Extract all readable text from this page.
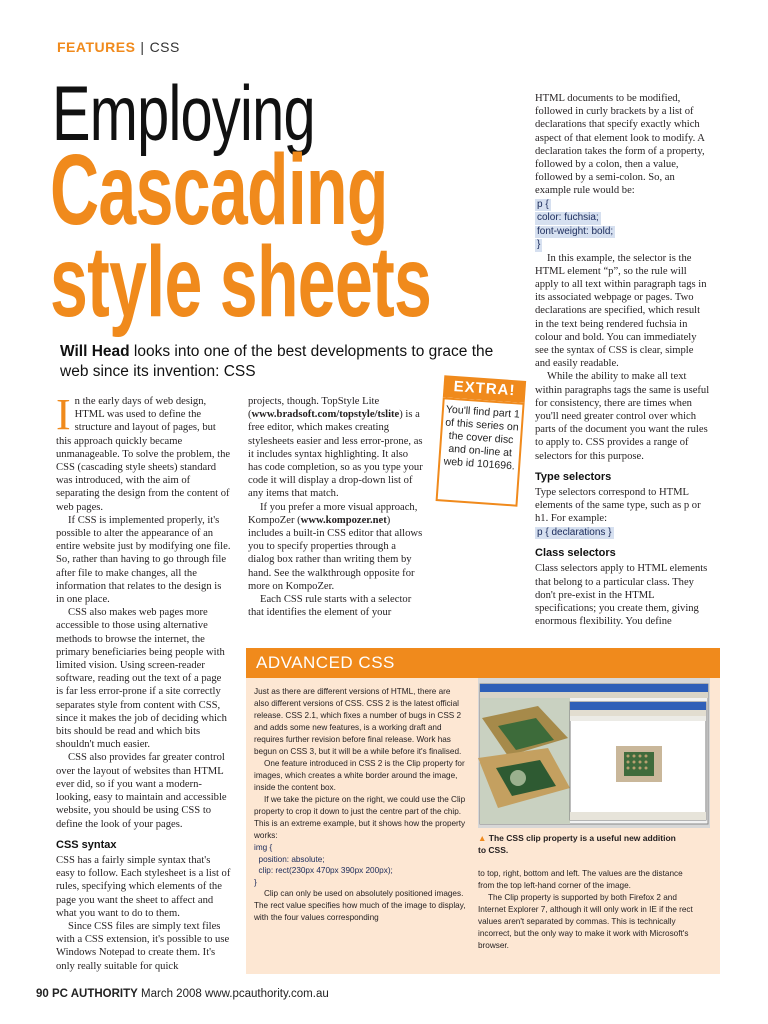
FEATURES | CSS
Employing
Cascading
style sheets
Will Head looks into one of the best developments to grace the web since its invention: CSS

In the early days of web design, HTML was used to define the structure and layout of pages, but this approach quickly became unmanageable. To solve the problem, the CSS (cascading style sheets) standard was introduced, with the aim of separating the design from the content of web pages.

If CSS is implemented properly, it's possible to alter the appearance of an entire website just by modifying one file. So, rather than having to go through file after file to make changes, all the information that relates to the design is in one place.

CSS also makes web pages more accessible to those using alternative methods to browse the internet, the primary beneficiaries being people with limited vision. Using screen-reader software, reading out the text of a page is far less error-prone if a site correctly separates style from content with CSS, since it makes the job of deciding which bits should be read and which bits shouldn't much easier.

CSS also provides far greater control over the layout of websites than HTML ever did, so if you want a modern-looking, easy to maintain and accessible website, you should be using CSS to define the look of your pages.

CSS syntax

CSS has a fairly simple syntax that's easy to follow. Each stylesheet is a list of rules, specifying which elements of the page you want the sheet to affect and what you want to do to them.

Since CSS files are simply text files with a CSS extension, it's possible to use Windows Notepad to create them. It's only really suitable for quick

projects, though. TopStyle Lite (www.bradsoft.com/topstyle/tslite) is a free editor, which makes creating stylesheets easier and less error-prone, as it includes syntax highlighting. It also has code completion, so as you type your code it will display a drop-down list of any items that match.

If you prefer a more visual approach, KompoZer (www.kompozer.net) includes a built-in CSS editor that allows you to specify properties through a dialog box rather than writing them by hand. See the walkthrough opposite for more on KompoZer.

Each CSS rule starts with a selector that identifies the element of your

EXTRA!
You'll find part 1 of this series on the cover disc and on-line at web id 101696.

HTML documents to be modified, followed in curly brackets by a list of declarations that specify exactly which aspect of that element look to modify. A declaration takes the form of a property, followed by a colon, then a value, followed by a semi-colon. So, an example rule would be:

p {
color: fuchsia;
font-weight: bold;
}

In this example, the selector is the HTML element “p”, so the rule will apply to all text within paragraph tags in its associated webpage or pages. Two declarations are specified, which result in the text being rendered fuchsia in colour and bold. You can immediately see the syntax of CSS is clear, simple and easily readable.

While the ability to make all text within paragraphs tags the same is useful for consistency, there are times when you'll need greater control over which parts of the document you want the rules to apply to. CSS provides a range of selectors for this purpose.

Type selectors

Type selectors correspond to HTML elements of the same type, such as p or h1. For example:

p { declarations }
Class selectors

Class selectors apply to HTML elements that belong to a particular class. They don't pre-exist in the HTML specifications; you create them, giving enormous flexibility. You define

ADVANCED CSS

Just as there are different versions of HTML, there are also different versions of CSS. CSS 2 is the latest official release. CSS 2.1, which fixes a number of bugs in CSS 2 and adds some new features, is a working draft and requires further revision before final release. Work has begun on CSS 3, but it will be a while before it's finalised.

One feature introduced in CSS 2 is the Clip property for images, which creates a white border around the image, inside the content box.

If we take the picture on the right, we could use the Clip property to crop it down to just the centre part of the chip. This is an extreme example, but it shows how the property works:

img {
position: absolute;
clip: rect(230px 470px 390px 200px);
}

Clip can only be used on absolutely positioned images. The rect value specifies how much of the image to display, with the four values corresponding

▲ The CSS clip property is a useful new addition to CSS.

to top, right, bottom and left. The values are the distance from the top left-hand corner of the image.

The Clip property is supported by both Firefox 2 and Internet Explorer 7, although it will only work in IE if the rect values aren't separated by commas. This is technically incorrect, but the only way to make it work with Microsoft's browser.

90 PC AUTHORITY March 2008 www.pcauthority.com.au
